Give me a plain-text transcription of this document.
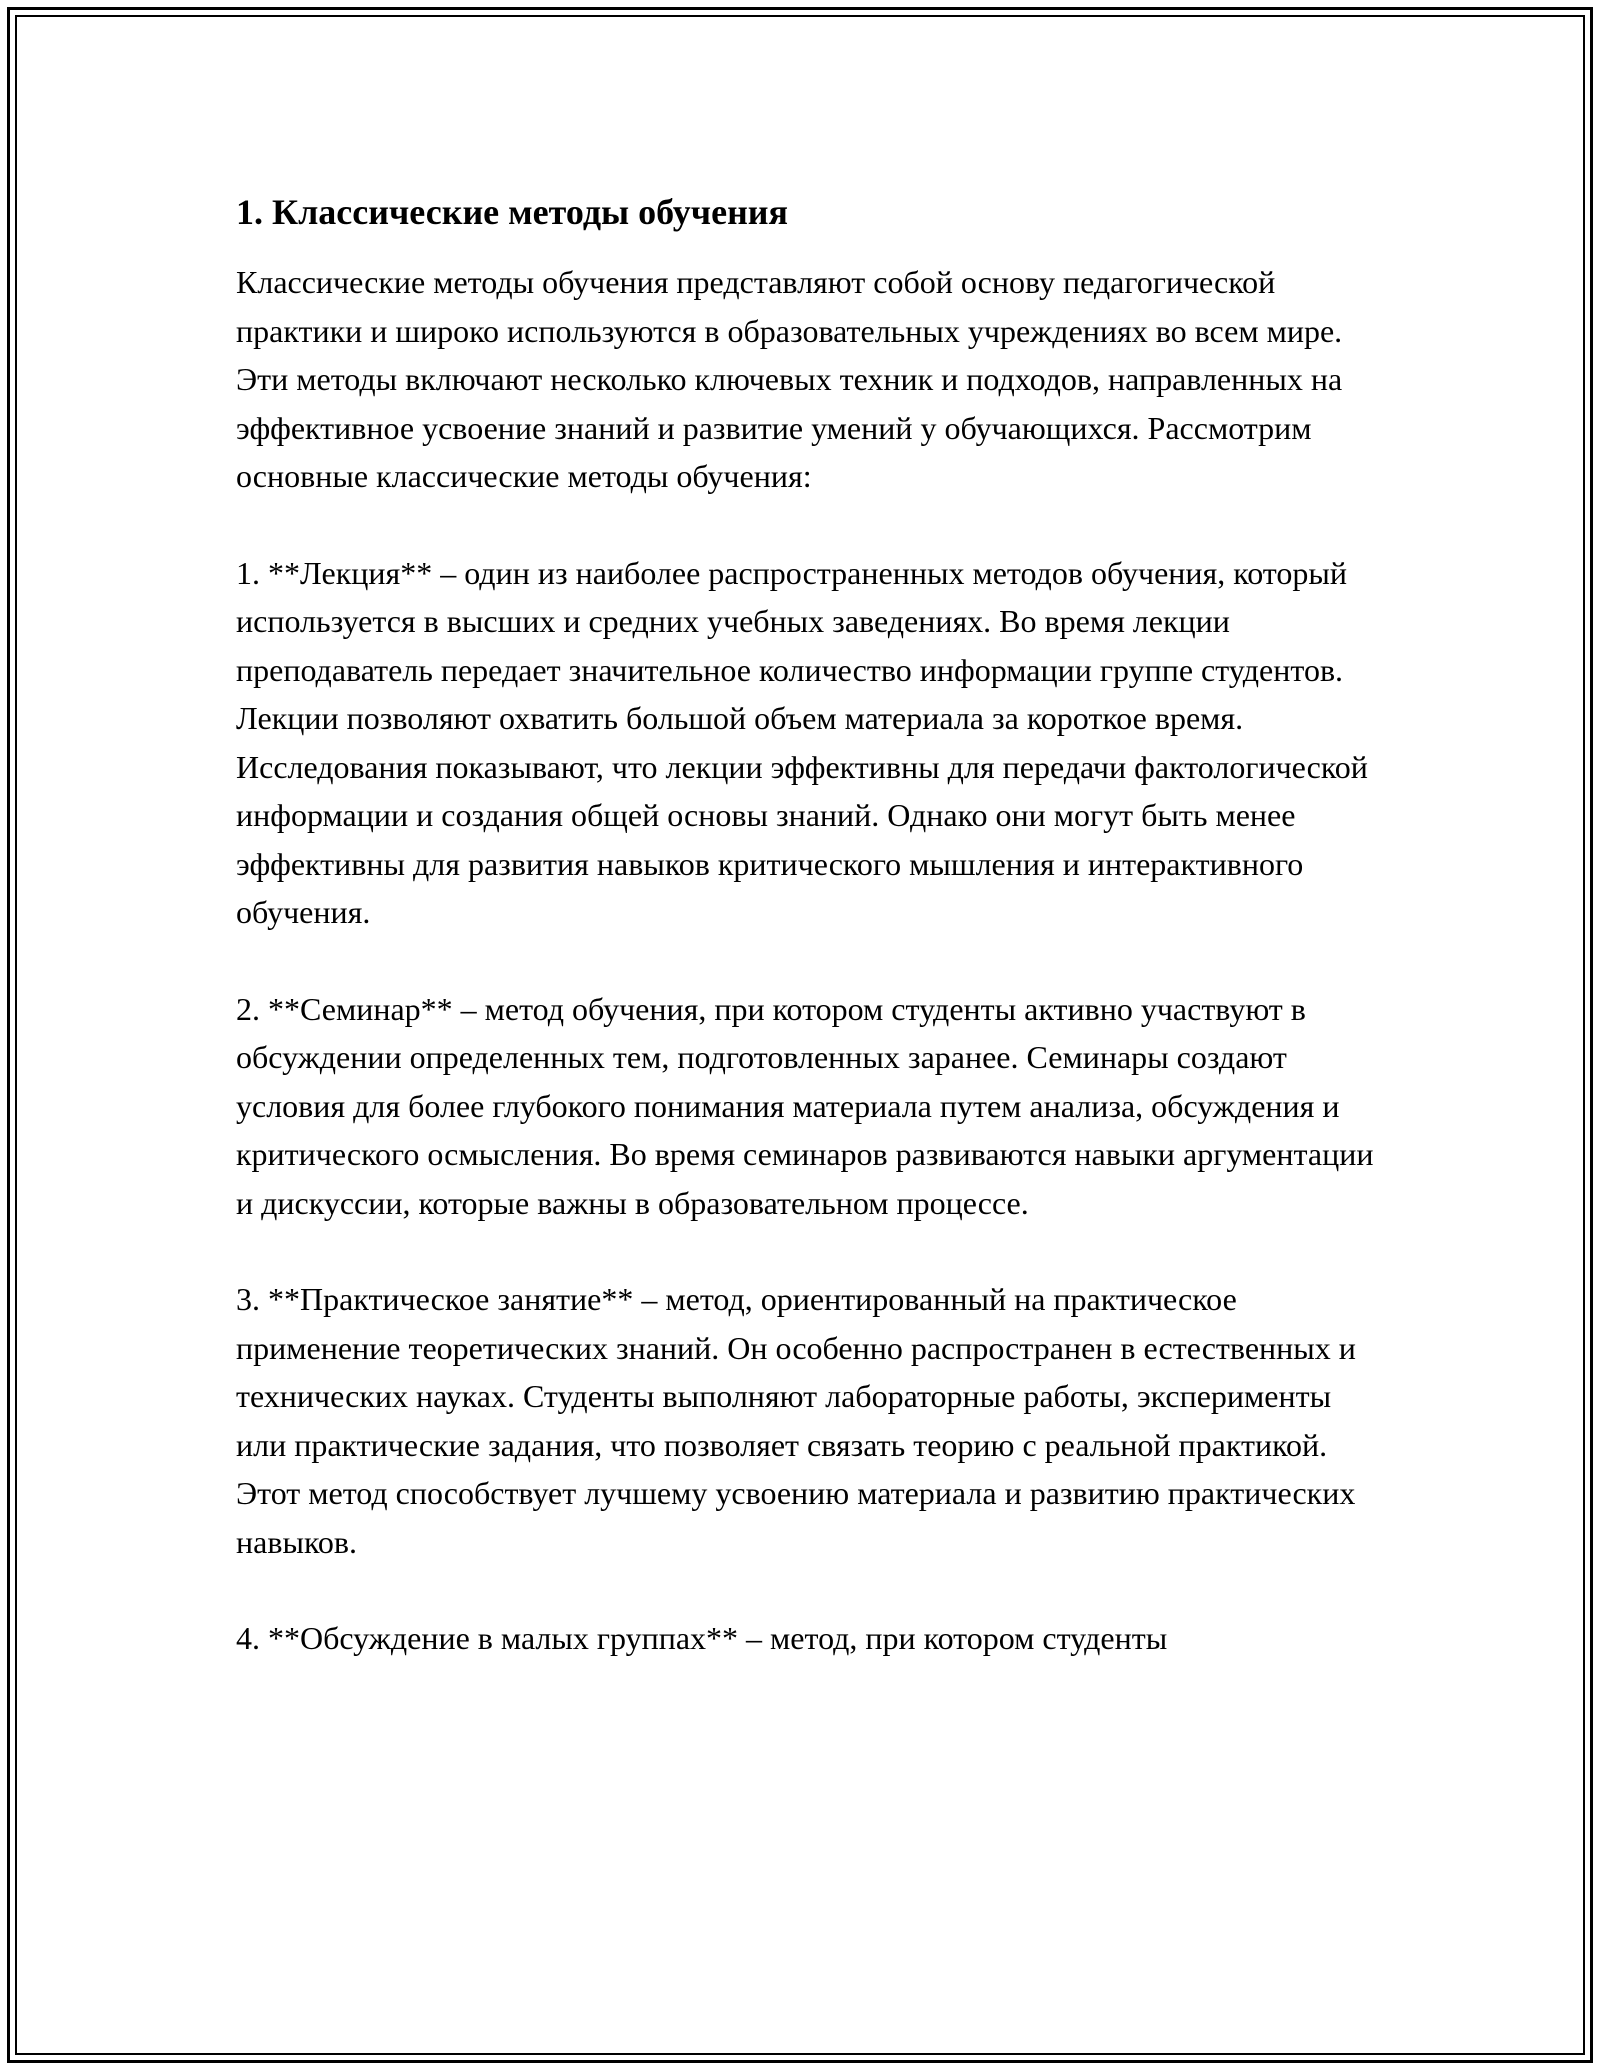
1. Классические методы обучения

Классические методы обучения представляют собой основу педагогической практики и широко используются в образовательных учреждениях во всем мире. Эти методы включают несколько ключевых техник и подходов, направленных на эффективное усвоение знаний и развитие умений у обучающихся. Рассмотрим основные классические методы обучения:

1. **Лекция** – один из наиболее распространенных методов обучения, который используется в высших и средних учебных заведениях. Во время лекции преподаватель передает значительное количество информации группе студентов. Лекции позволяют охватить большой объем материала за короткое время. Исследования показывают, что лекции эффективны для передачи фактологической информации и создания общей основы знаний. Однако они могут быть менее эффективны для развития навыков критического мышления и интерактивного обучения.

2. **Семинар** – метод обучения, при котором студенты активно участвуют в обсуждении определенных тем, подготовленных заранее. Семинары создают условия для более глубокого понимания материала путем анализа, обсуждения и критического осмысления. Во время семинаров развиваются навыки аргументации и дискуссии, которые важны в образовательном процессе.

3. **Практическое занятие** – метод, ориентированный на практическое применение теоретических знаний. Он особенно распространен в естественных и технических науках. Студенты выполняют лабораторные работы, эксперименты или практические задания, что позволяет связать теорию с реальной практикой. Этот метод способствует лучшему усвоению материала и развитию практических навыков.

4. **Обсуждение в малых группах** – метод, при котором студенты
